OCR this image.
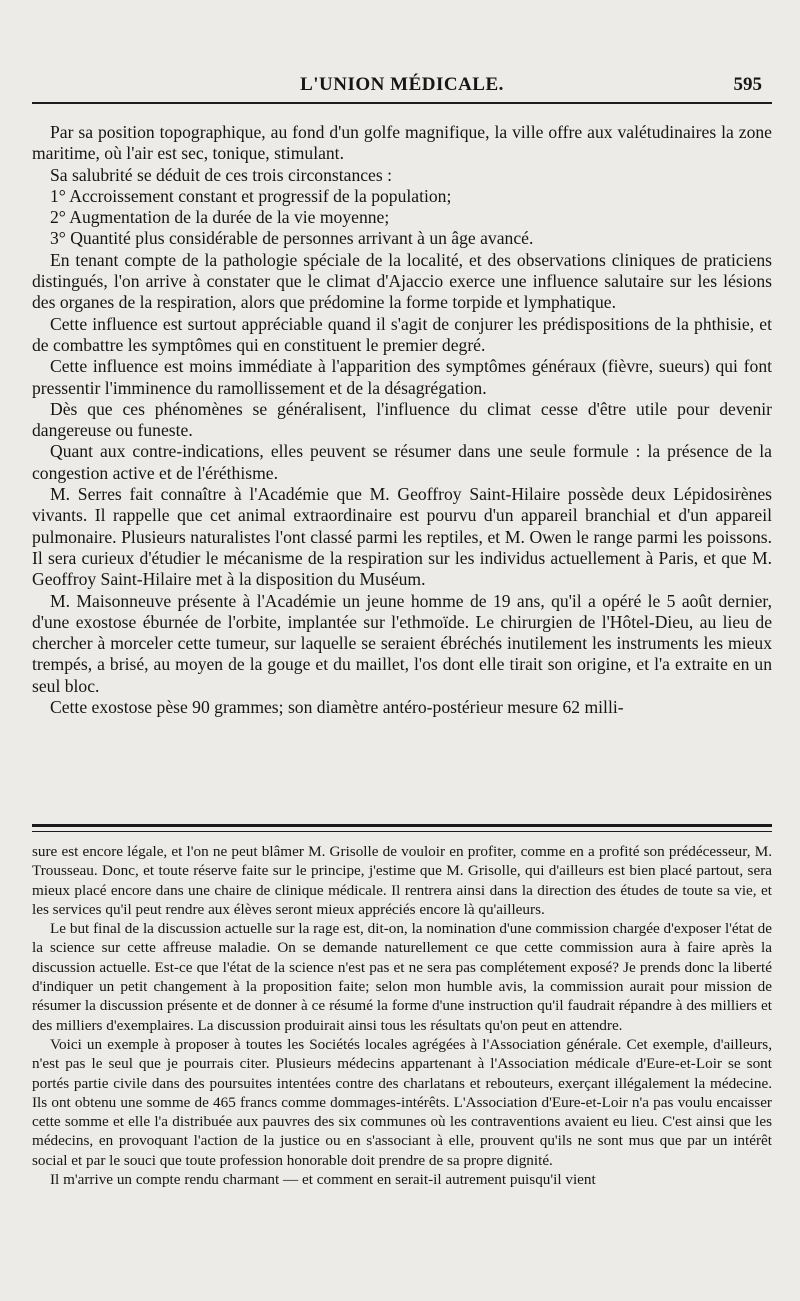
L'UNION MÉDICALE.	595

Par sa position topographique, au fond d'un golfe magnifique, la ville offre aux valétudinaires la zone maritime, où l'air est sec, tonique, stimulant.

Sa salubrité se déduit de ces trois circonstances :

1° Accroissement constant et progressif de la population;

2° Augmentation de la durée de la vie moyenne;

3° Quantité plus considérable de personnes arrivant à un âge avancé.

En tenant compte de la pathologie spéciale de la localité, et des observations cliniques de praticiens distingués, l'on arrive à constater que le climat d'Ajaccio exerce une influence salutaire sur les lésions des organes de la respiration, alors que prédomine la forme torpide et lymphatique.

Cette influence est surtout appréciable quand il s'agit de conjurer les prédispositions de la phthisie, et de combattre les symptômes qui en constituent le premier degré.

Cette influence est moins immédiate à l'apparition des symptômes généraux (fièvre, sueurs) qui font pressentir l'imminence du ramollissement et de la désagrégation.

Dès que ces phénomènes se généralisent, l'influence du climat cesse d'être utile pour devenir dangereuse ou funeste.

Quant aux contre-indications, elles peuvent se résumer dans une seule formule : la présence de la congestion active et de l'éréthisme.

M. Serres fait connaître à l'Académie que M. Geoffroy Saint-Hilaire possède deux Lépidosirènes vivants. Il rappelle que cet animal extraordinaire est pourvu d'un appareil branchial et d'un appareil pulmonaire. Plusieurs naturalistes l'ont classé parmi les reptiles, et M. Owen le range parmi les poissons. Il sera curieux d'étudier le mécanisme de la respiration sur les individus actuellement à Paris, et que M. Geoffroy Saint-Hilaire met à la disposition du Muséum.

M. Maisonneuve présente à l'Académie un jeune homme de 19 ans, qu'il a opéré le 5 août dernier, d'une exostose éburnée de l'orbite, implantée sur l'ethmoïde. Le chirurgien de l'Hôtel-Dieu, au lieu de chercher à morceler cette tumeur, sur laquelle se seraient ébréchés inutilement les instruments les mieux trempés, a brisé, au moyen de la gouge et du maillet, l'os dont elle tirait son origine, et l'a extraite en un seul bloc.

Cette exostose pèse 90 grammes; son diamètre antéro-postérieur mesure 62 milli-

sure est encore légale, et l'on ne peut blâmer M. Grisolle de vouloir en profiter, comme en a profité son prédécesseur, M. Trousseau. Donc, et toute réserve faite sur le principe, j'estime que M. Grisolle, qui d'ailleurs est bien placé partout, sera mieux placé encore dans une chaire de clinique médicale. Il rentrera ainsi dans la direction des études de toute sa vie, et les services qu'il peut rendre aux élèves seront mieux appréciés encore là qu'ailleurs.

Le but final de la discussion actuelle sur la rage est, dit-on, la nomination d'une commission chargée d'exposer l'état de la science sur cette affreuse maladie. On se demande naturellement ce que cette commission aura à faire après la discussion actuelle. Est-ce que l'état de la science n'est pas et ne sera pas complétement exposé? Je prends donc la liberté d'indiquer un petit changement à la proposition faite; selon mon humble avis, la commission aurait pour mission de résumer la discussion présente et de donner à ce résumé la forme d'une instruction qu'il faudrait répandre à des milliers et des milliers d'exemplaires. La discussion produirait ainsi tous les résultats qu'on peut en attendre.

Voici un exemple à proposer à toutes les Sociétés locales agrégées à l'Association générale. Cet exemple, d'ailleurs, n'est pas le seul que je pourrais citer. Plusieurs médecins appartenant à l'Association médicale d'Eure-et-Loir se sont portés partie civile dans des poursuites intentées contre des charlatans et rebouteurs, exerçant illégalement la médecine. Ils ont obtenu une somme de 465 francs comme dommages-intérêts. L'Association d'Eure-et-Loir n'a pas voulu encaisser cette somme et elle l'a distribuée aux pauvres des six communes où les contraventions avaient eu lieu. C'est ainsi que les médecins, en provoquant l'action de la justice ou en s'associant à elle, prouvent qu'ils ne sont mus que par un intérêt social et par le souci que toute profession honorable doit prendre de sa propre dignité.

Il m'arrive un compte rendu charmant — et comment en serait-il autrement puisqu'il vient
